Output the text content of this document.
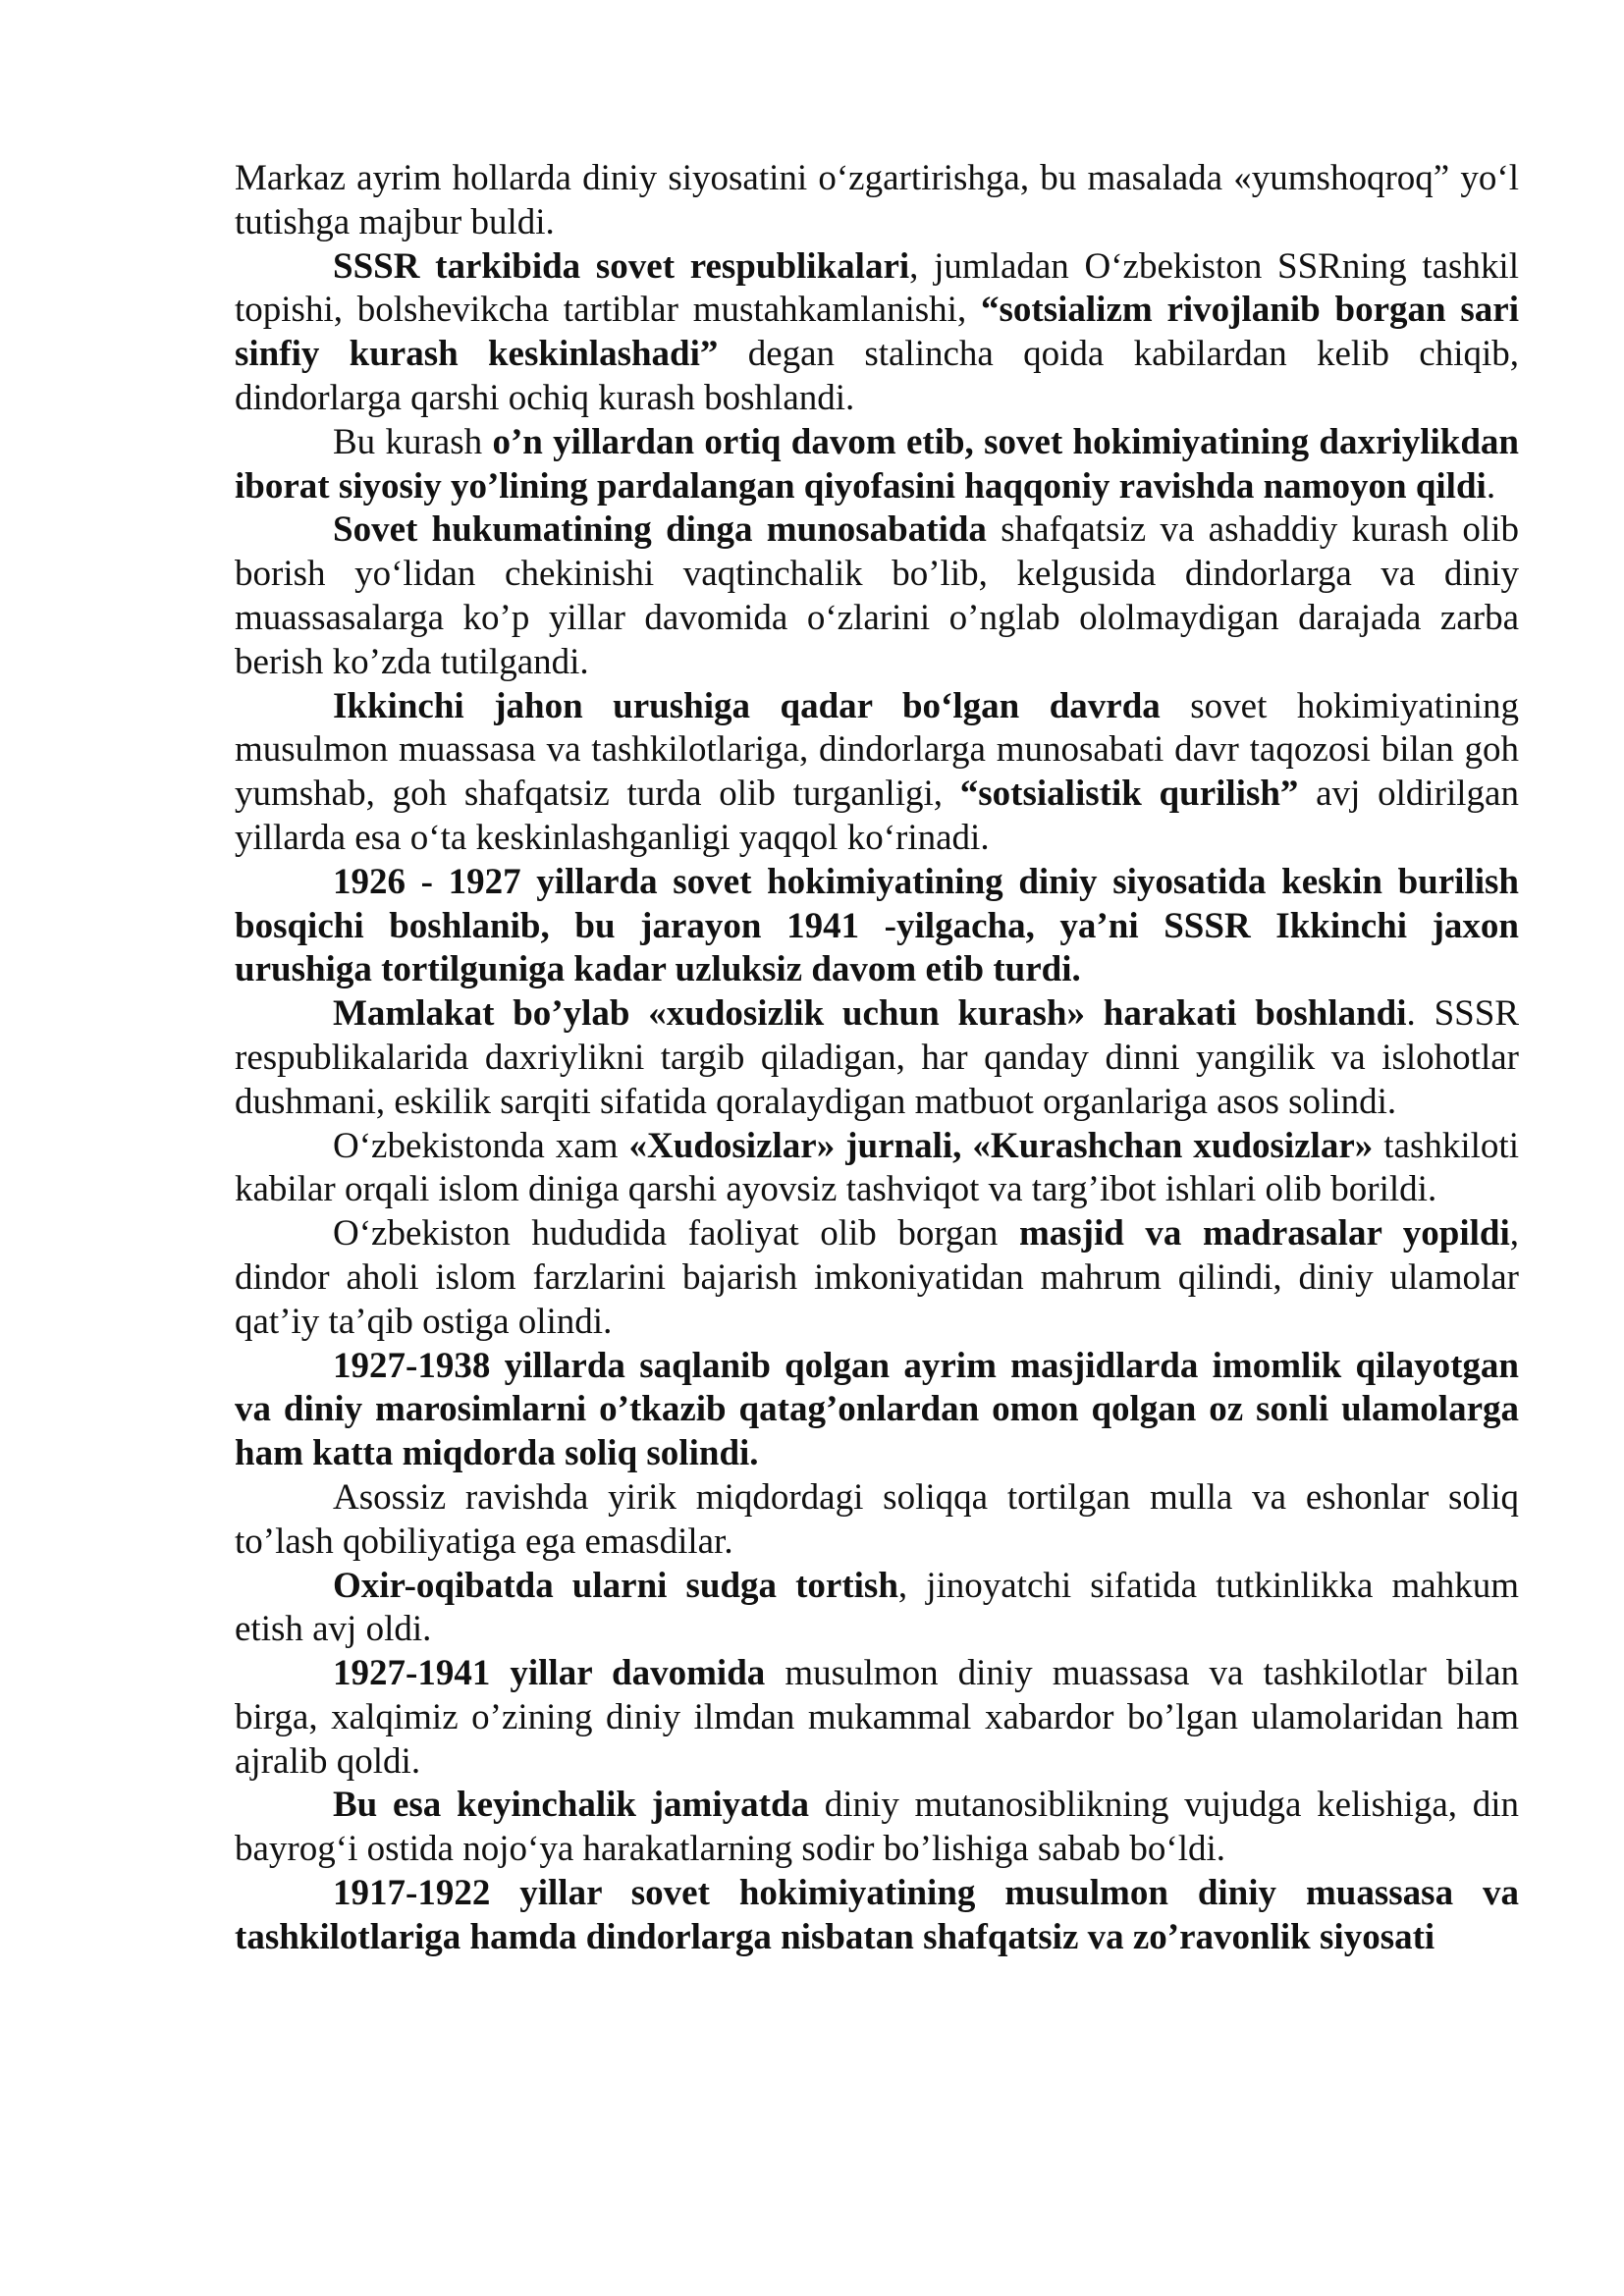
Markaz ayrim hollarda diniy siyosatini o‘zgartirishga, bu masalada «yumshoqroq” yo‘l tutishga majbur buldi.

SSSR tarkibida sovet respublikalari, jumladan O‘zbekiston SSRning tashkil topishi, bolshevikcha tartiblar mustahkamlanishi, “sotsializm rivojlanib borgan sari sinfiy kurash keskinlashadi” degan stalincha qoida kabilardan kelib chiqib, dindorlarga qarshi ochiq kurash boshlandi.

Bu kurash o’n yillardan ortiq davom etib, sovet hokimiyatining daxriylikdan iborat siyosiy yo’lining pardalangan qiyofasini haqqoniy ravishda namoyon qildi.

Sovet hukumatining dinga munosabatida shafqatsiz va ashaddiy kurash olib borish yo‘lidan chekinishi vaqtinchalik bo’lib, kelgusida dindorlarga va diniy muassasalarga ko’p yillar davomida o‘zlarini o’nglab ololmaydigan darajada zarba berish ko’zda tutilgandi.

Ikkinchi jahon urushiga qadar bo‘lgan davrda sovet hokimiyatining musulmon muassasa va tashkilotlariga, dindorlarga munosabati davr taqozosi bilan goh yumshab, goh shafqatsiz turda olib turganligi, “sotsialistik qurilish” avj oldirilgan yillarda esa o‘ta keskinlashganligi yaqqol ko‘rinadi.

1926 - 1927 yillarda sovet hokimiyatining diniy siyosatida keskin burilish bosqichi boshlanib, bu jarayon 1941 -yilgacha, ya’ni SSSR Ikkinchi jaxon urushiga tortilguniga kadar uzluksiz davom etib turdi.

Mamlakat bo’ylab «xudosizlik uchun kurash» harakati boshlandi. SSSR respublikalarida daxriylikni targib qiladigan, har qanday dinni yangilik va islohotlar dushmani, eskilik sarqiti sifatida qoralaydigan matbuot organlariga asos solindi.

O‘zbekistonda xam «Xudosizlar» jurnali, «Kurashchan xudosizlar» tashkiloti kabilar orqali islom diniga qarshi ayovsiz tashviqot va targ’ibot ishlari olib borildi.

O‘zbekiston hududida faoliyat olib borgan masjid va madrasalar yopildi, dindor aholi islom farzlarini bajarish imkoniyatidan mahrum qilindi, diniy ulamolar qat’iy ta’qib ostiga olindi.

1927-1938 yillarda saqlanib qolgan ayrim masjidlarda imomlik qilayotgan va diniy marosimlarni o’tkazib qatag’onlardan omon qolgan oz sonli ulamolarga ham katta miqdorda soliq solindi.

Asossiz ravishda yirik miqdordagi soliqqa tortilgan mulla va eshonlar soliq to’lash qobiliyatiga ega emasdilar.

Oxir-oqibatda ularni sudga tortish, jinoyatchi sifatida tutkinlikka mahkum etish avj oldi.

1927-1941 yillar davomida musulmon diniy muassasa va tashkilotlar bilan birga, xalqimiz o’zining diniy ilmdan mukammal xabardor bo’lgan ulamolaridan ham ajralib qoldi.

Bu esa keyinchalik jamiyatda diniy mutanosiblikning vujudga kelishiga, din bayrog‘i ostida nojo‘ya harakatlarning sodir bo’lishiga sabab bo‘ldi.

1917-1922 yillar sovet hokimiyatining musulmon diniy muassasa va tashkilotlariga hamda dindorlarga nisbatan shafqatsiz va zo’ravonlik siyosati
